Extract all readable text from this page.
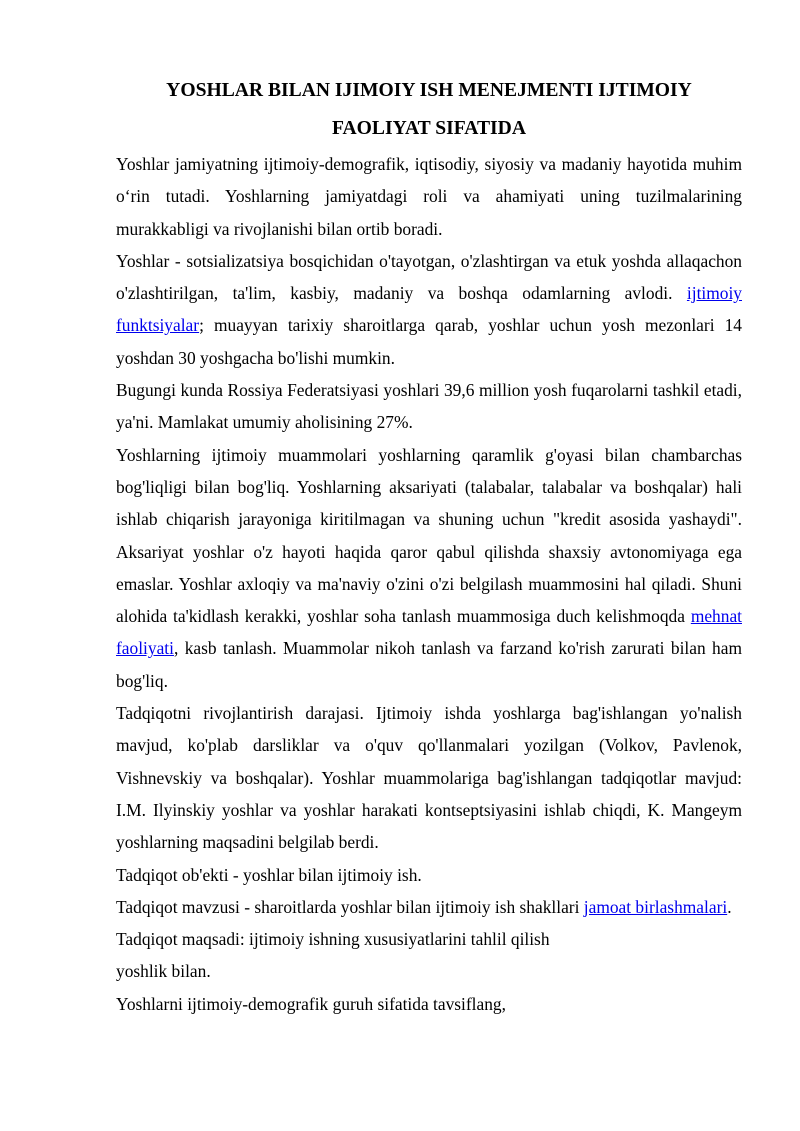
YOSHLAR BILAN IJIMOIY ISH MENEJMENTI IJTIMOIY
FAOLIYAT SIFATIDA

Yoshlar jamiyatning ijtimoiy-demografik, iqtisodiy, siyosiy va madaniy hayotida muhim o‘rin tutadi. Yoshlarning jamiyatdagi roli va ahamiyati uning tuzilmalarining murakkabligi va rivojlanishi bilan ortib boradi.

Yoshlar - sotsializatsiya bosqichidan o'tayotgan, o'zlashtirgan va etuk yoshda allaqachon o'zlashtirilgan, ta'lim, kasbiy, madaniy va boshqa odamlarning avlodi. ijtimoiy funktsiyalar; muayyan tarixiy sharoitlarga qarab, yoshlar uchun yosh mezonlari 14 yoshdan 30 yoshgacha bo'lishi mumkin.

Bugungi kunda Rossiya Federatsiyasi yoshlari 39,6 million yosh fuqarolarni tashkil etadi, ya'ni. Mamlakat umumiy aholisining 27%.

Yoshlarning ijtimoiy muammolari yoshlarning qaramlik g'oyasi bilan chambarchas bog'liqligi bilan bog'liq. Yoshlarning aksariyati (talabalar, talabalar va boshqalar) hali ishlab chiqarish jarayoniga kiritilmagan va shuning uchun "kredit asosida yashaydi". Aksariyat yoshlar o'z hayoti haqida qaror qabul qilishda shaxsiy avtonomiyaga ega emaslar. Yoshlar axloqiy va ma'naviy o'zini o'zi belgilash muammosini hal qiladi. Shuni alohida ta'kidlash kerakki, yoshlar soha tanlash muammosiga duch kelishmoqda mehnat faoliyati, kasb tanlash. Muammolar nikoh tanlash va farzand ko'rish zarurati bilan ham bog'liq.

Tadqiqotni rivojlantirish darajasi. Ijtimoiy ishda yoshlarga bag'ishlangan yo'nalish mavjud, ko'plab darsliklar va o'quv qo'llanmalari yozilgan (Volkov, Pavlenok, Vishnevskiy va boshqalar). Yoshlar muammolariga bag'ishlangan tadqiqotlar mavjud: I.M. Ilyinskiy yoshlar va yoshlar harakati kontseptsiyasini ishlab chiqdi, K. Mangeym yoshlarning maqsadini belgilab berdi.

Tadqiqot ob'ekti - yoshlar bilan ijtimoiy ish.

Tadqiqot mavzusi - sharoitlarda yoshlar bilan ijtimoiy ish shakllari jamoat birlashmalari.

Tadqiqot maqsadi: ijtimoiy ishning xususiyatlarini tahlil qilish

yoshlik bilan.

Yoshlarni ijtimoiy-demografik guruh sifatida tavsiflang,
